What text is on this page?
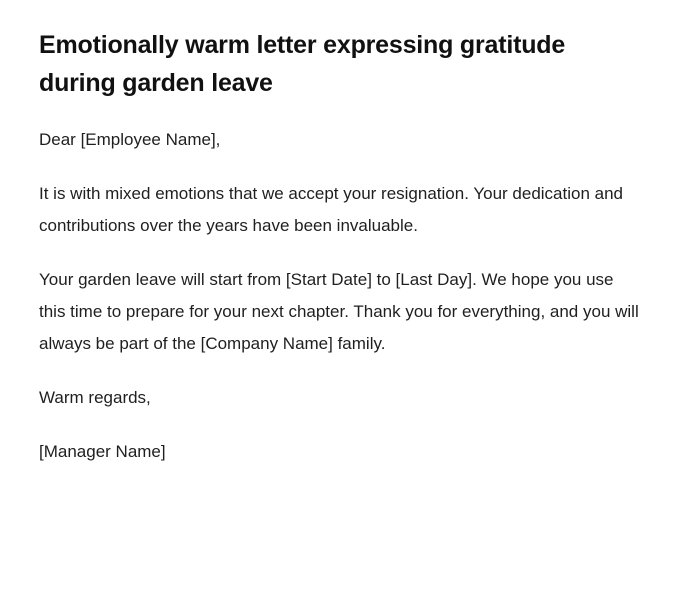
Emotionally warm letter expressing gratitude during garden leave

Dear [Employee Name],

It is with mixed emotions that we accept your resignation. Your dedication and contributions over the years have been invaluable.

Your garden leave will start from [Start Date] to [Last Day]. We hope you use this time to prepare for your next chapter. Thank you for everything, and you will always be part of the [Company Name] family.

Warm regards,

[Manager Name]
